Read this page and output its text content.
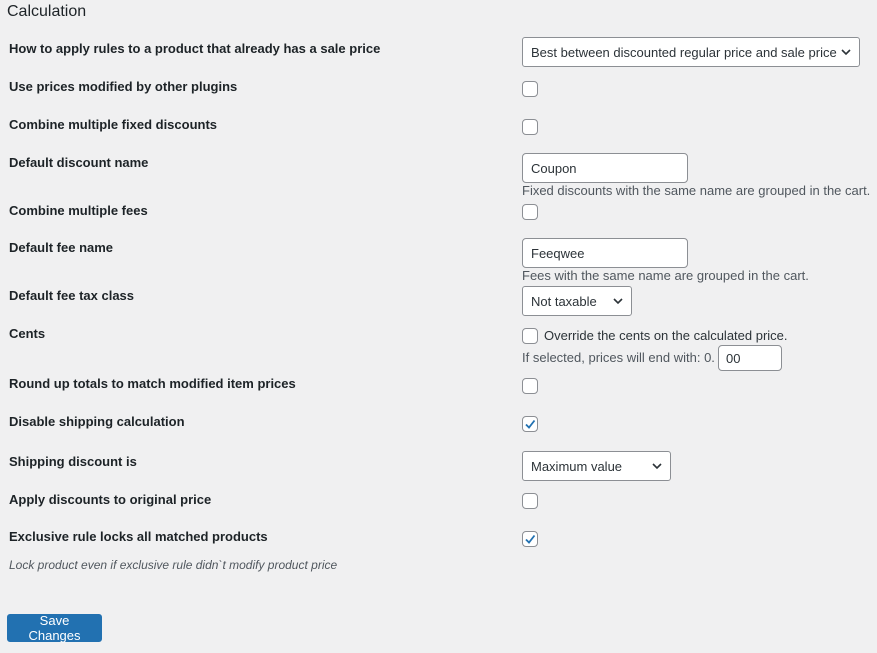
Calculation
How to apply rules to a product that already has a sale price	Best between discounted regular price and sale price
Use prices modified by other plugins
Combine multiple fixed discounts
Default discount name	Coupon
Fixed discounts with the same name are grouped in the cart.
Combine multiple fees
Default fee name	Feeqwee
Fees with the same name are grouped in the cart.
Default fee tax class	Not taxable
Cents	Override the cents on the calculated price.
If selected, prices will end with: 0. 00
Round up totals to match modified item prices
Disable shipping calculation
Shipping discount is	Maximum value
Apply discounts to original price
Exclusive rule locks all matched products
Lock product even if exclusive rule didn`t modify product price
Save Changes
